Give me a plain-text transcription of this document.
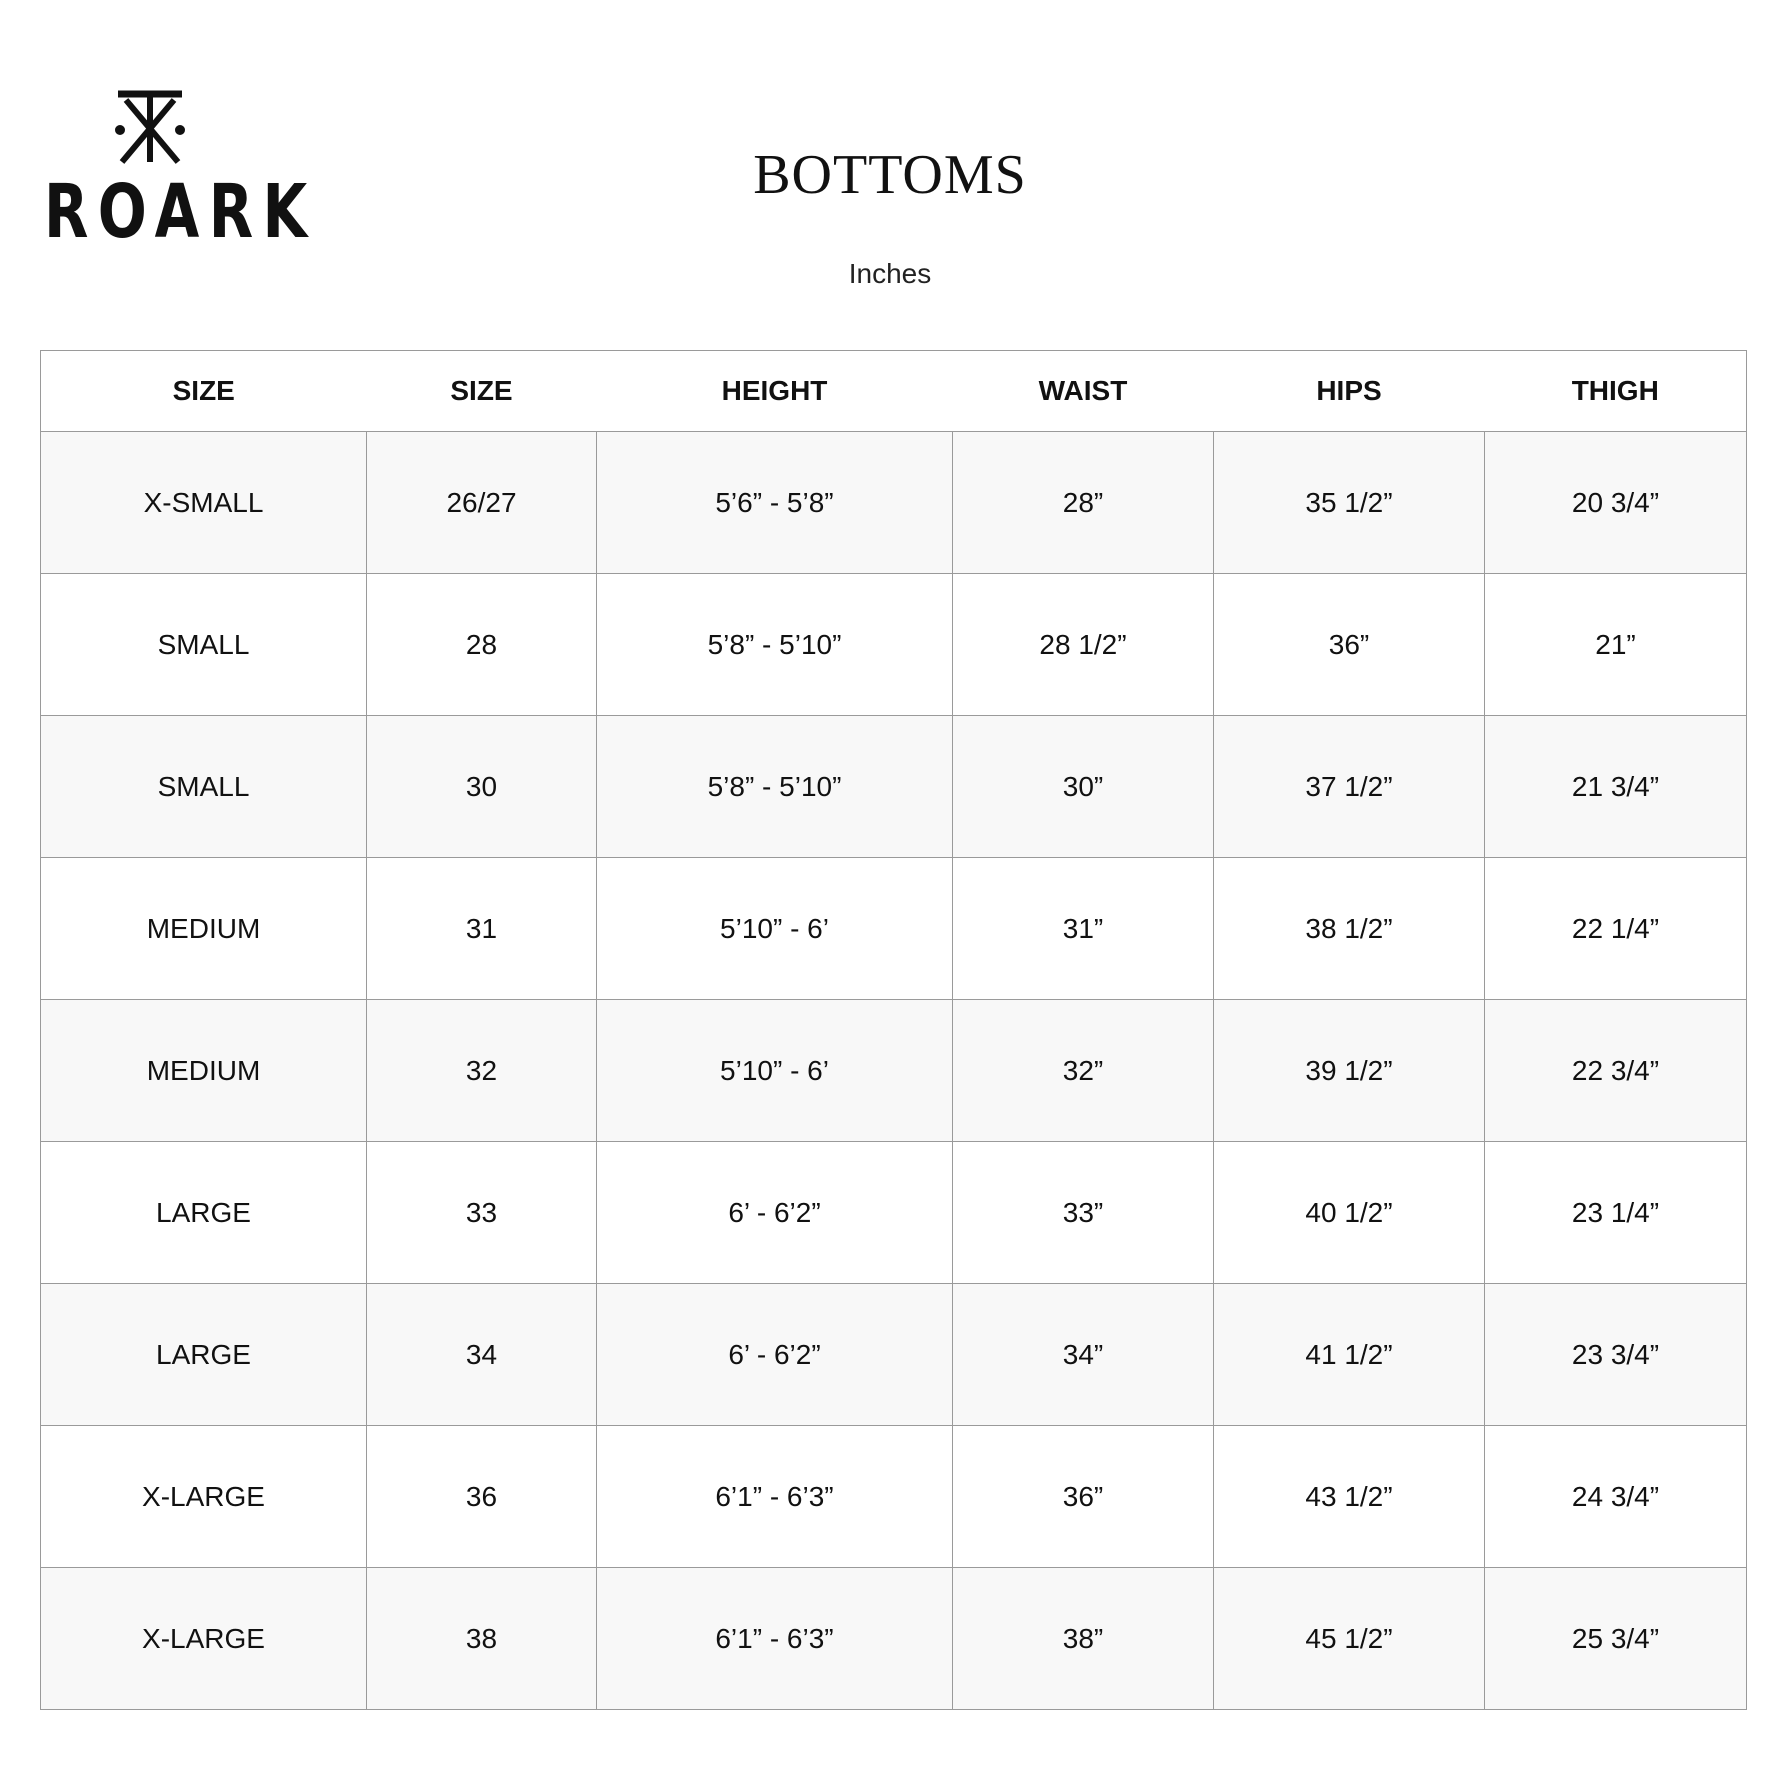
ROARK	BOTTOMS
Inches
SIZE	SIZE	HEIGHT	WAIST	HIPS	THIGH
X-SMALL	26/27	5’6” - 5’8”	28”	35 1/2”	20 3/4”
SMALL	28	5’8” - 5’10”	28 1/2”	36”	21”
SMALL	30	5’8” - 5’10”	30”	37 1/2”	21 3/4”
MEDIUM	31	5’10” - 6’	31”	38 1/2”	22 1/4”
MEDIUM	32	5’10” - 6’	32”	39 1/2”	22 3/4”
LARGE	33	6’ - 6’2”	33”	40 1/2”	23 1/4”
LARGE	34	6’ - 6’2”	34”	41 1/2”	23 3/4”
X-LARGE	36	6’1” - 6’3”	36”	43 1/2”	24 3/4”
X-LARGE	38	6’1” - 6’3”	38”	45 1/2”	25 3/4”
